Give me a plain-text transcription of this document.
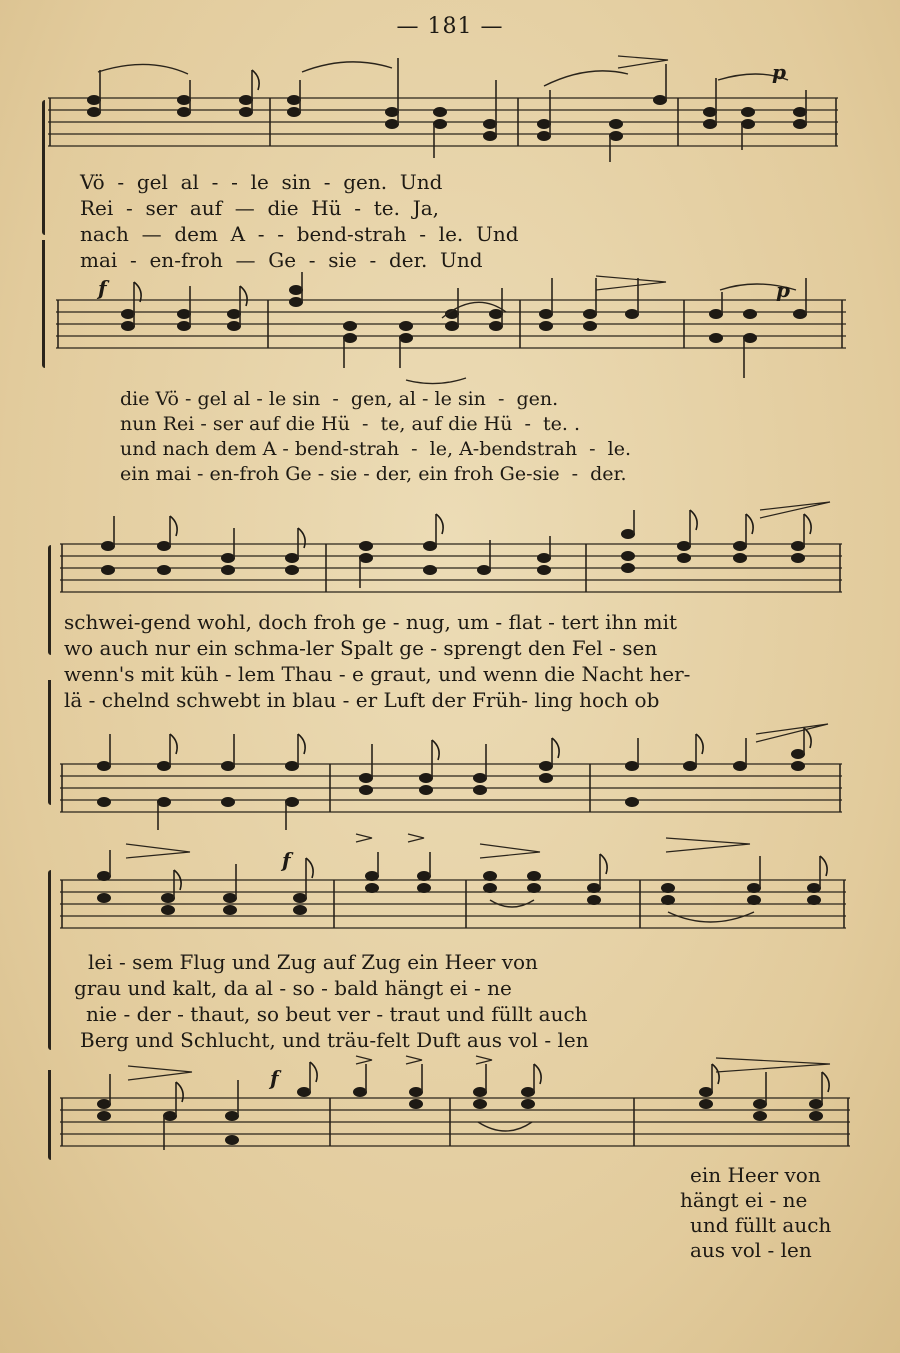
— 181 —
p
Vö  -  gel  al  -  -  le  sin  -  gen.  Und
Rei  -  ser  auf  —  die  Hü  -  te.  Ja,
nach  —  dem  A  -  -  bend-strah  -  le.  Und
mai  -  en-froh  —  Ge  -  sie  -  der.  Und
f	p
die Vö - gel al - le sin  -  gen, al - le sin  -  gen.
nun Rei - ser auf die Hü  -  te, auf die Hü  -  te. .
und nach dem A - bend-strah  -  le, A-bendstrah  -  le.
ein mai - en-froh Ge - sie - der, ein froh Ge-sie  -  der.
schwei-gend wohl, doch froh ge - nug, um - flat - tert ihn mit
wo auch nur ein schma-ler Spalt ge - sprengt den Fel - sen
wenn's mit küh - lem Thau - e graut, und wenn die Nacht her-
lä - chelnd schwebt in blau - er Luft der Früh- ling hoch ob
f
lei - sem Flug und Zug auf Zug ein Heer von
grau und kalt, da al - so - bald hängt ei - ne
nie - der - thaut, so beut ver - traut und füllt auch
Berg und Schlucht, und träu-felt Duft aus vol - len
f
ein Heer von
hängt ei - ne
und füllt auch
aus vol - len
